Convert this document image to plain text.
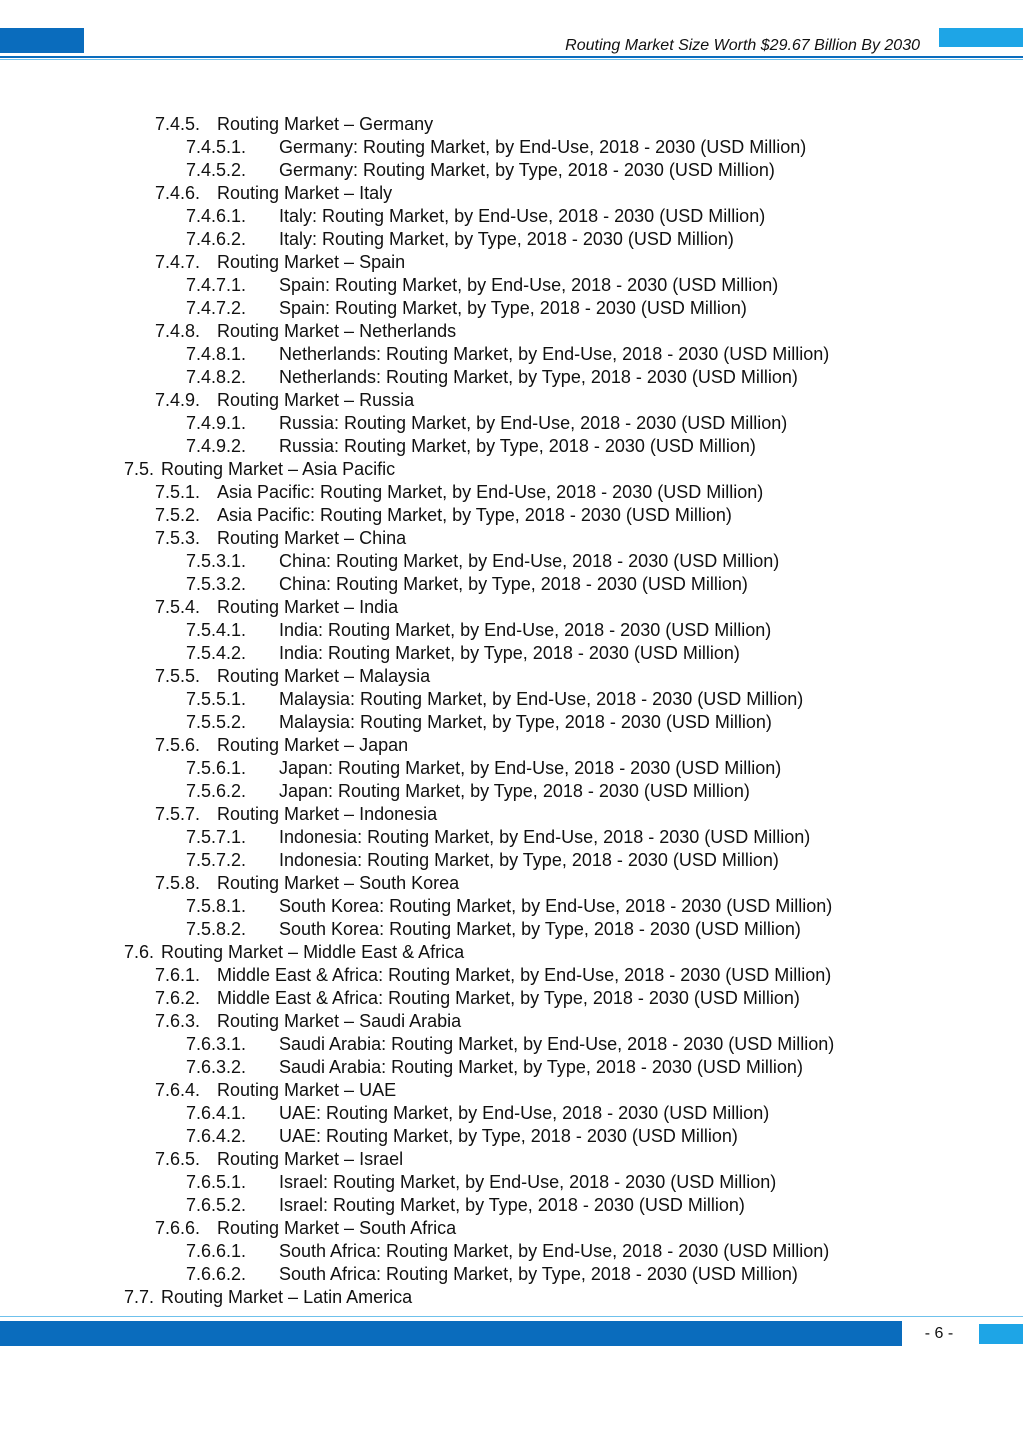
Routing Market Size Worth $29.67 Billion By 2030
7.4.5. Routing Market – Germany
7.4.5.1. Germany: Routing Market, by End-Use, 2018 - 2030 (USD Million)
7.4.5.2. Germany: Routing Market, by Type, 2018 - 2030 (USD Million)
7.4.6. Routing Market – Italy
7.4.6.1. Italy: Routing Market, by End-Use, 2018 - 2030 (USD Million)
7.4.6.2. Italy: Routing Market, by Type, 2018 - 2030 (USD Million)
7.4.7. Routing Market – Spain
7.4.7.1. Spain: Routing Market, by End-Use, 2018 - 2030 (USD Million)
7.4.7.2. Spain: Routing Market, by Type, 2018 - 2030 (USD Million)
7.4.8. Routing Market – Netherlands
7.4.8.1. Netherlands: Routing Market, by End-Use, 2018 - 2030 (USD Million)
7.4.8.2. Netherlands: Routing Market, by Type, 2018 - 2030 (USD Million)
7.4.9. Routing Market – Russia
7.4.9.1. Russia: Routing Market, by End-Use, 2018 - 2030 (USD Million)
7.4.9.2. Russia: Routing Market, by Type, 2018 - 2030 (USD Million)
7.5. Routing Market – Asia Pacific
7.5.1. Asia Pacific: Routing Market, by End-Use, 2018 - 2030 (USD Million)
7.5.2. Asia Pacific: Routing Market, by Type, 2018 - 2030 (USD Million)
7.5.3. Routing Market – China
7.5.3.1. China: Routing Market, by End-Use, 2018 - 2030 (USD Million)
7.5.3.2. China: Routing Market, by Type, 2018 - 2030 (USD Million)
7.5.4. Routing Market – India
7.5.4.1. India: Routing Market, by End-Use, 2018 - 2030 (USD Million)
7.5.4.2. India: Routing Market, by Type, 2018 - 2030 (USD Million)
7.5.5. Routing Market – Malaysia
7.5.5.1. Malaysia: Routing Market, by End-Use, 2018 - 2030 (USD Million)
7.5.5.2. Malaysia: Routing Market, by Type, 2018 - 2030 (USD Million)
7.5.6. Routing Market – Japan
7.5.6.1. Japan: Routing Market, by End-Use, 2018 - 2030 (USD Million)
7.5.6.2. Japan: Routing Market, by Type, 2018 - 2030 (USD Million)
7.5.7. Routing Market – Indonesia
7.5.7.1. Indonesia: Routing Market, by End-Use, 2018 - 2030 (USD Million)
7.5.7.2. Indonesia: Routing Market, by Type, 2018 - 2030 (USD Million)
7.5.8. Routing Market – South Korea
7.5.8.1. South Korea: Routing Market, by End-Use, 2018 - 2030 (USD Million)
7.5.8.2. South Korea: Routing Market, by Type, 2018 - 2030 (USD Million)
7.6. Routing Market – Middle East & Africa
7.6.1. Middle East & Africa: Routing Market, by End-Use, 2018 - 2030 (USD Million)
7.6.2. Middle East & Africa: Routing Market, by Type, 2018 - 2030 (USD Million)
7.6.3. Routing Market – Saudi Arabia
7.6.3.1. Saudi Arabia: Routing Market, by End-Use, 2018 - 2030 (USD Million)
7.6.3.2. Saudi Arabia: Routing Market, by Type, 2018 - 2030 (USD Million)
7.6.4. Routing Market – UAE
7.6.4.1. UAE: Routing Market, by End-Use, 2018 - 2030 (USD Million)
7.6.4.2. UAE: Routing Market, by Type, 2018 - 2030 (USD Million)
7.6.5. Routing Market – Israel
7.6.5.1. Israel: Routing Market, by End-Use, 2018 - 2030 (USD Million)
7.6.5.2. Israel: Routing Market, by Type, 2018 - 2030 (USD Million)
7.6.6. Routing Market – South Africa
7.6.6.1. South Africa: Routing Market, by End-Use, 2018 - 2030 (USD Million)
7.6.6.2. South Africa: Routing Market, by Type, 2018 - 2030 (USD Million)
7.7. Routing Market – Latin America
- 6 -
